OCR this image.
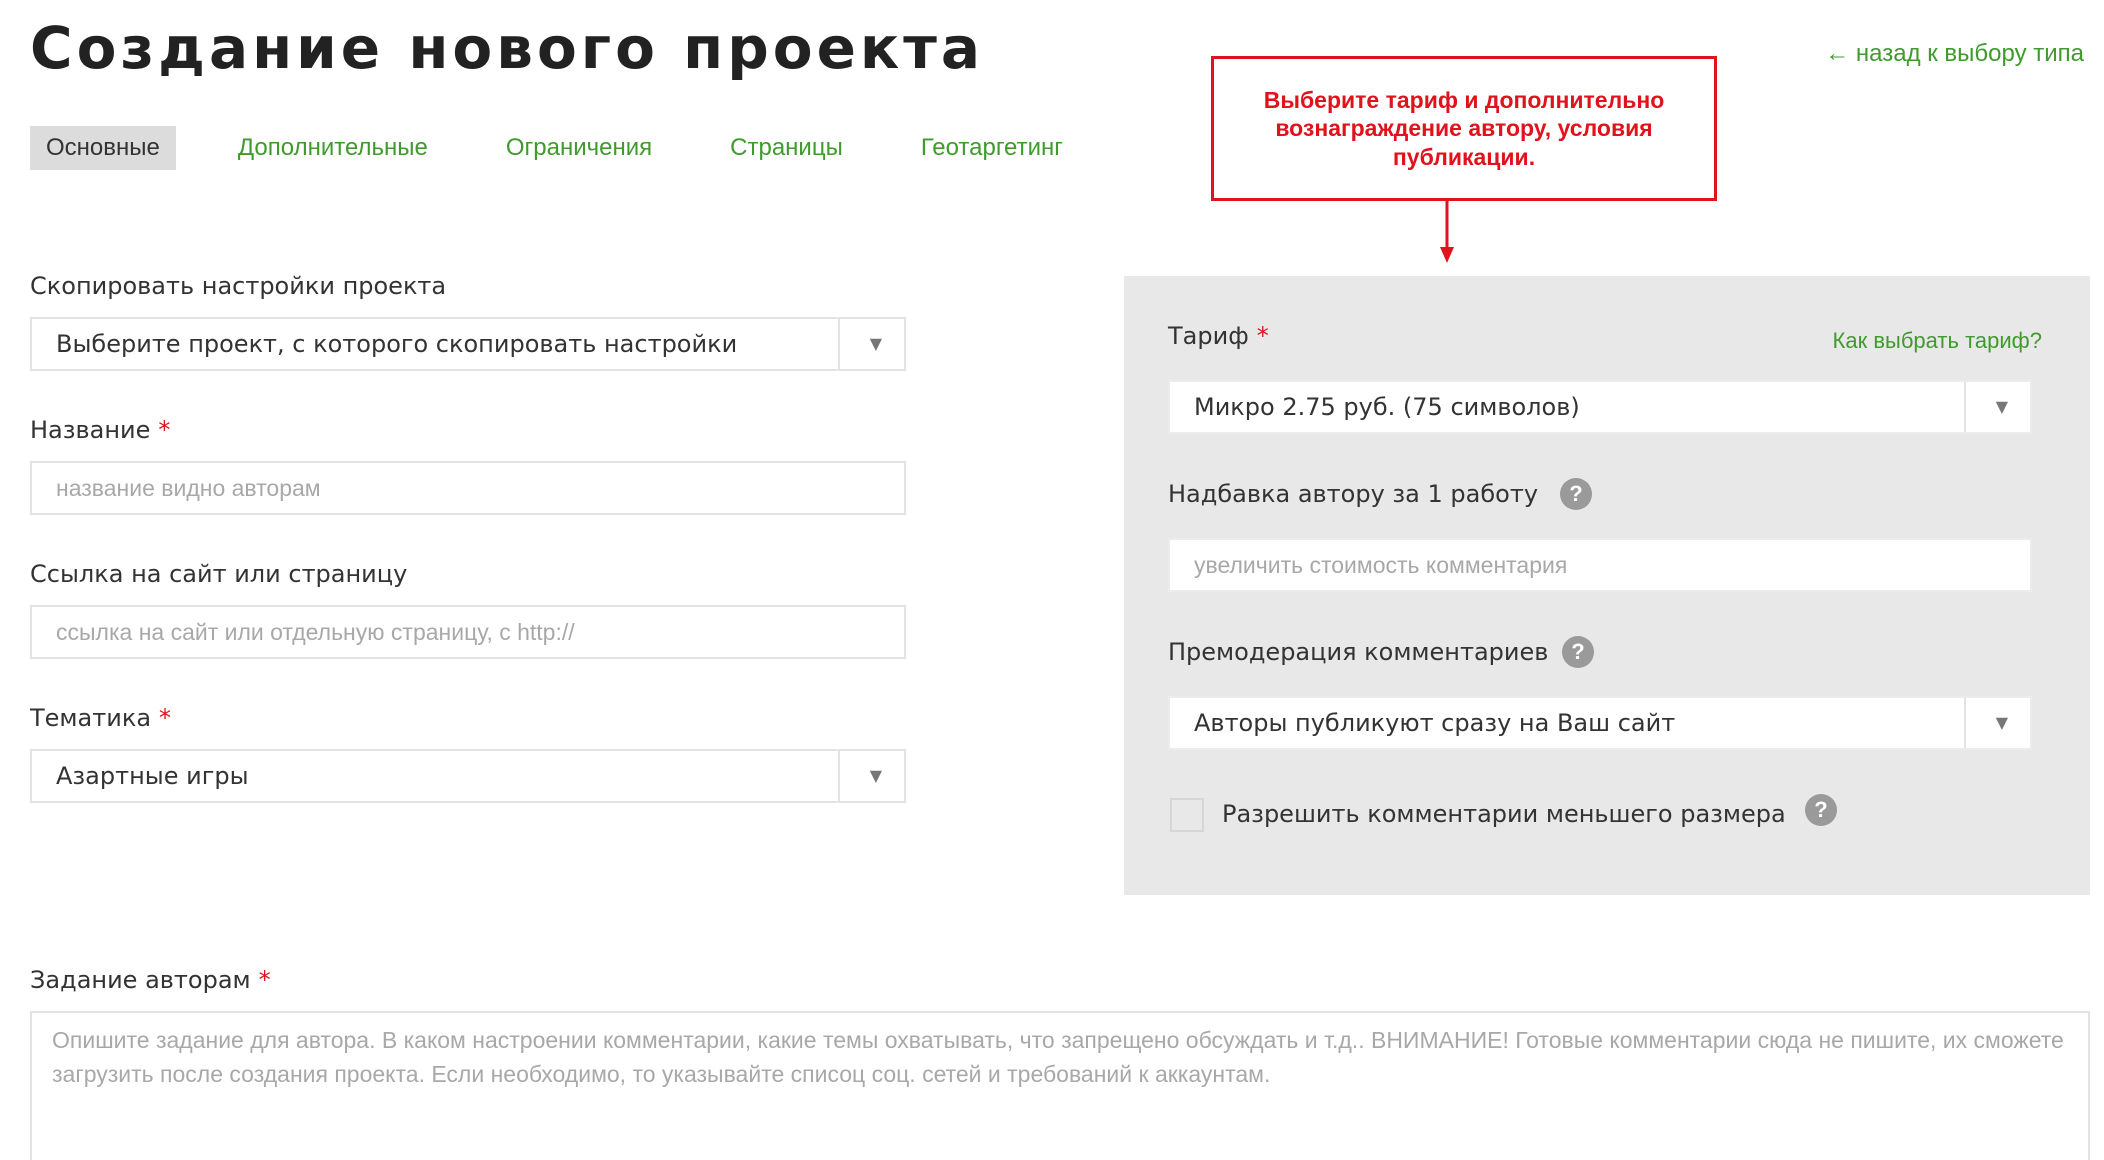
Создание нового проекта	← назад к выбору типа
Основные	Дополнительные	Ограничения	Страницы	Геотаргетинг
Выберите тариф и дополнительно вознаграждение автору, условия публикации.
Скопировать настройки проекта
Выберите проект, с которого скопировать настройки	▼
Название *
название видно авторам
Ссылка на сайт или страницу
ссылка на сайт или отдельную страницу, с http://
Тематика *
Азартные игры	▼
Тариф *	Как выбрать тариф?
Микро 2.75 руб. (75 символов)	▼
Надбавка автору за 1 работу	?
увеличить стоимость комментария
Премодерация комментариев	?
Авторы публикуют сразу на Ваш сайт	▼
Разрешить комментарии меньшего размера	?
Задание авторам *
Опишите задание для автора. В каком настроении комментарии, какие темы охватывать, что запрещено обсуждать и т.д.. ВНИМАНИЕ! Готовые комментарии сюда не пишите, их сможете загрузить после создания проекта. Если необходимо, то указывайте списоц соц. сетей и требований к аккаунтам.
